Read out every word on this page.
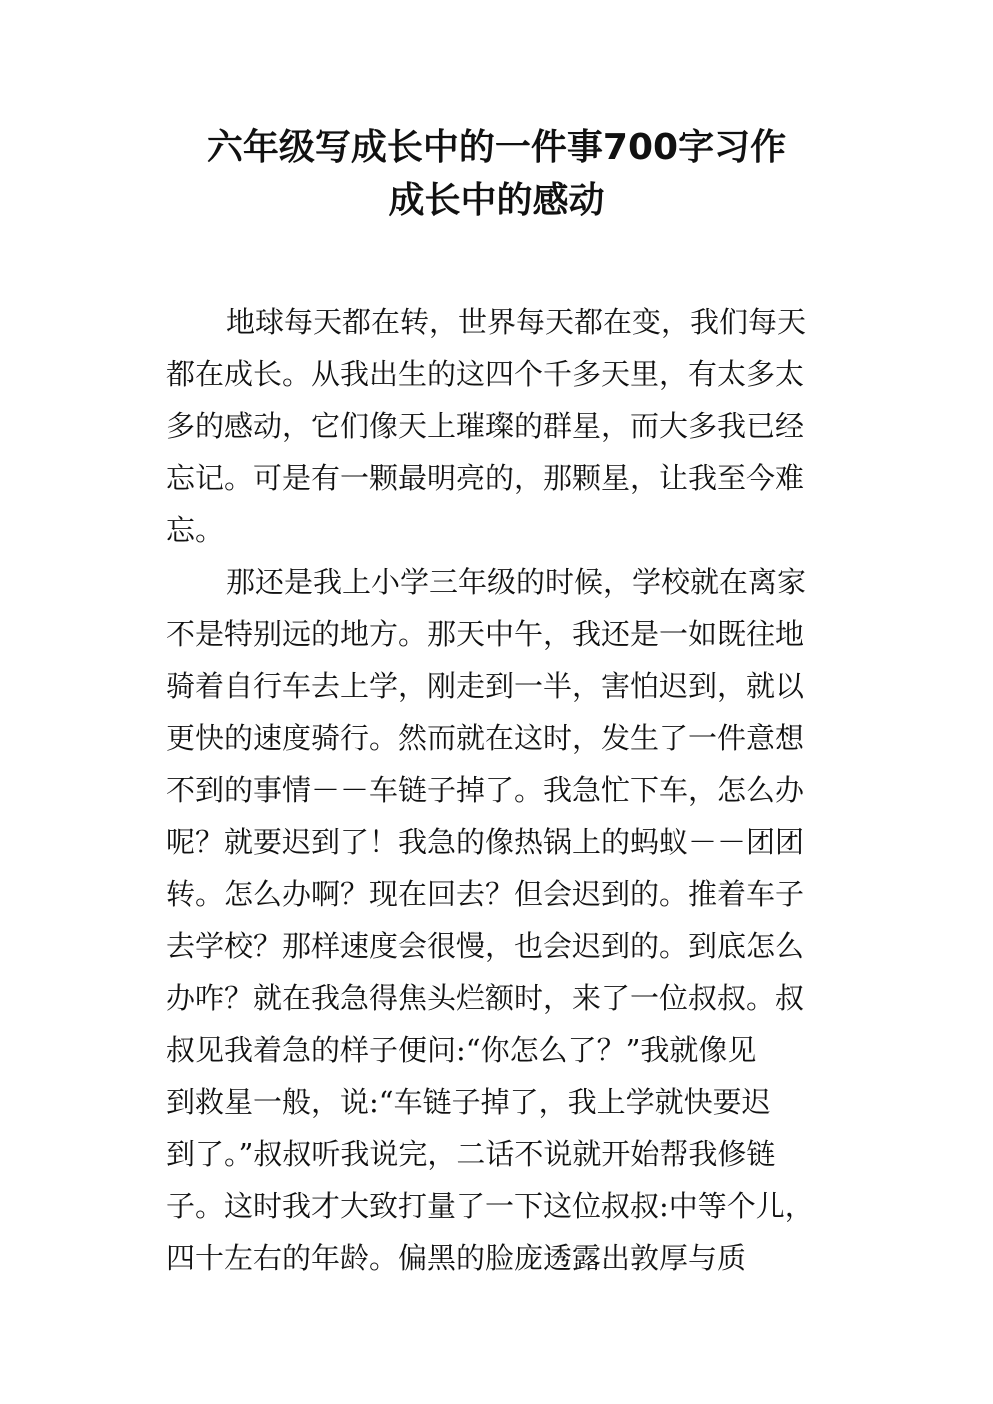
六年级写成长中的一件事700字习作
成长中的感动
地球每天都在转，世界每天都在变，我们每天
都在成长。从我出生的这四个千多天里，有太多太
多的感动，它们像天上璀璨的群星，而大多我已经
忘记。可是有一颗最明亮的，那颗星，让我至今难
忘。
那还是我上小学三年级的时候，学校就在离家
不是特别远的地方。那天中午，我还是一如既往地
骑着自行车去上学，刚走到一半，害怕迟到，就以
更快的速度骑行。然而就在这时，发生了一件意想
不到的事情－－车链子掉了。我急忙下车，怎么办
呢？就要迟到了！我急的像热锅上的蚂蚁－－团团
转。怎么办啊？现在回去？但会迟到的。推着车子
去学校？那样速度会很慢，也会迟到的。到底怎么
办咋？就在我急得焦头烂额时，来了一位叔叔。叔
叔见我着急的样子便问:“你怎么了？”我就像见
到救星一般，说:“车链子掉了，我上学就快要迟
到了。”叔叔听我说完，二话不说就开始帮我修链
子。这时我才大致打量了一下这位叔叔:中等个儿，
四十左右的年龄。偏黑的脸庞透露出敦厚与质
